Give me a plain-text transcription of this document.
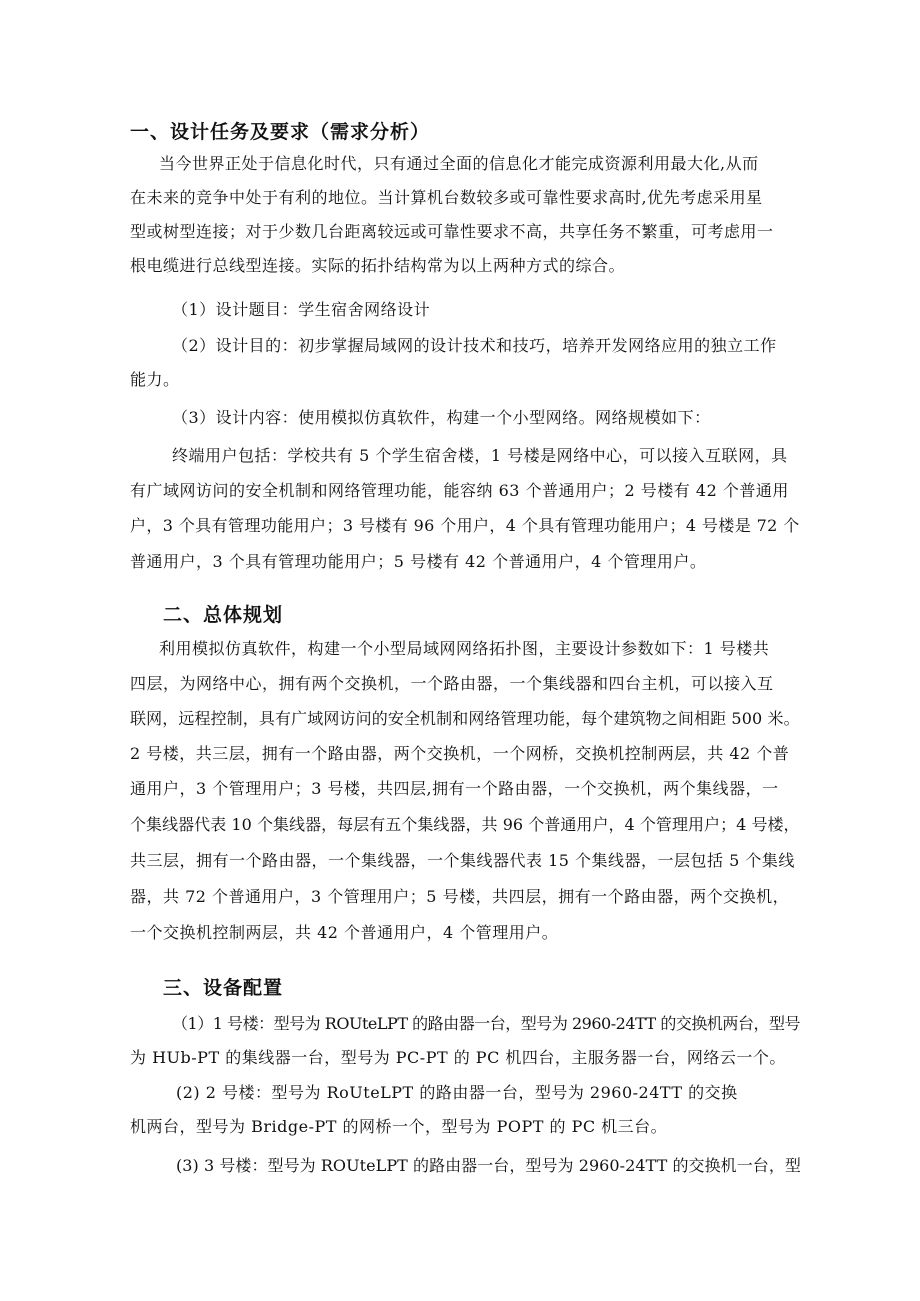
一、设计任务及要求（需求分析）
当今世界正处于信息化时代，只有通过全面的信息化才能完成资源利用最大化,从而
在未来的竞争中处于有利的地位。当计算机台数较多或可靠性要求高时,优先考虑采用星
型或树型连接；对于少数几台距离较远或可靠性要求不高，共享任务不繁重，可考虑用一
根电缆进行总线型连接。实际的拓扑结构常为以上两种方式的综合。
（1）设计题目：学生宿舍网络设计
（2）设计目的：初步掌握局域网的设计技术和技巧，培养开发网络应用的独立工作
能力。
（3）设计内容：使用模拟仿真软件，构建一个小型网络。网络规模如下：
终端用户包括：学校共有 5 个学生宿舍楼，1 号楼是网络中心，可以接入互联网，具
有广域网访问的安全机制和网络管理功能，能容纳 63 个普通用户；2 号楼有 42 个普通用
户，3 个具有管理功能用户；3 号楼有 96 个用户，4 个具有管理功能用户；4 号楼是 72 个
普通用户，3 个具有管理功能用户；5 号楼有 42 个普通用户，4 个管理用户。
二、总体规划
利用模拟仿真软件，构建一个小型局域网网络拓扑图，主要设计参数如下：1 号楼共
四层，为网络中心，拥有两个交换机，一个路由器，一个集线器和四台主机，可以接入互
联网，远程控制，具有广域网访问的安全机制和网络管理功能，每个建筑物之间相距 500 米。
2 号楼，共三层，拥有一个路由器，两个交换机，一个网桥，交换机控制两层，共 42 个普
通用户，3 个管理用户；3 号楼，共四层,拥有一个路由器，一个交换机，两个集线器，一
个集线器代表 10 个集线器，每层有五个集线器，共 96 个普通用户，4 个管理用户；4 号楼，
共三层，拥有一个路由器，一个集线器，一个集线器代表 15 个集线器，一层包括 5 个集线
器，共 72 个普通用户，3 个管理用户；5 号楼，共四层，拥有一个路由器，两个交换机，
一个交换机控制两层，共 42 个普通用户，4 个管理用户。
三、设备配置
（1）1 号楼：型号为 ROUteLPT 的路由器一台，型号为 2960-24TT 的交换机两台，型号
为 HUb-PT 的集线器一台，型号为 PC-PT 的 PC 机四台，主服务器一台，网络云一个。
(2) 2 号楼：型号为 RoUteLPT 的路由器一台，型号为 2960-24TT 的交换
机两台，型号为 Bridge-PT 的网桥一个，型号为 POPT 的 PC 机三台。
(3) 3 号楼：型号为 ROUteLPT 的路由器一台，型号为 2960-24TT 的交换机一台，型
